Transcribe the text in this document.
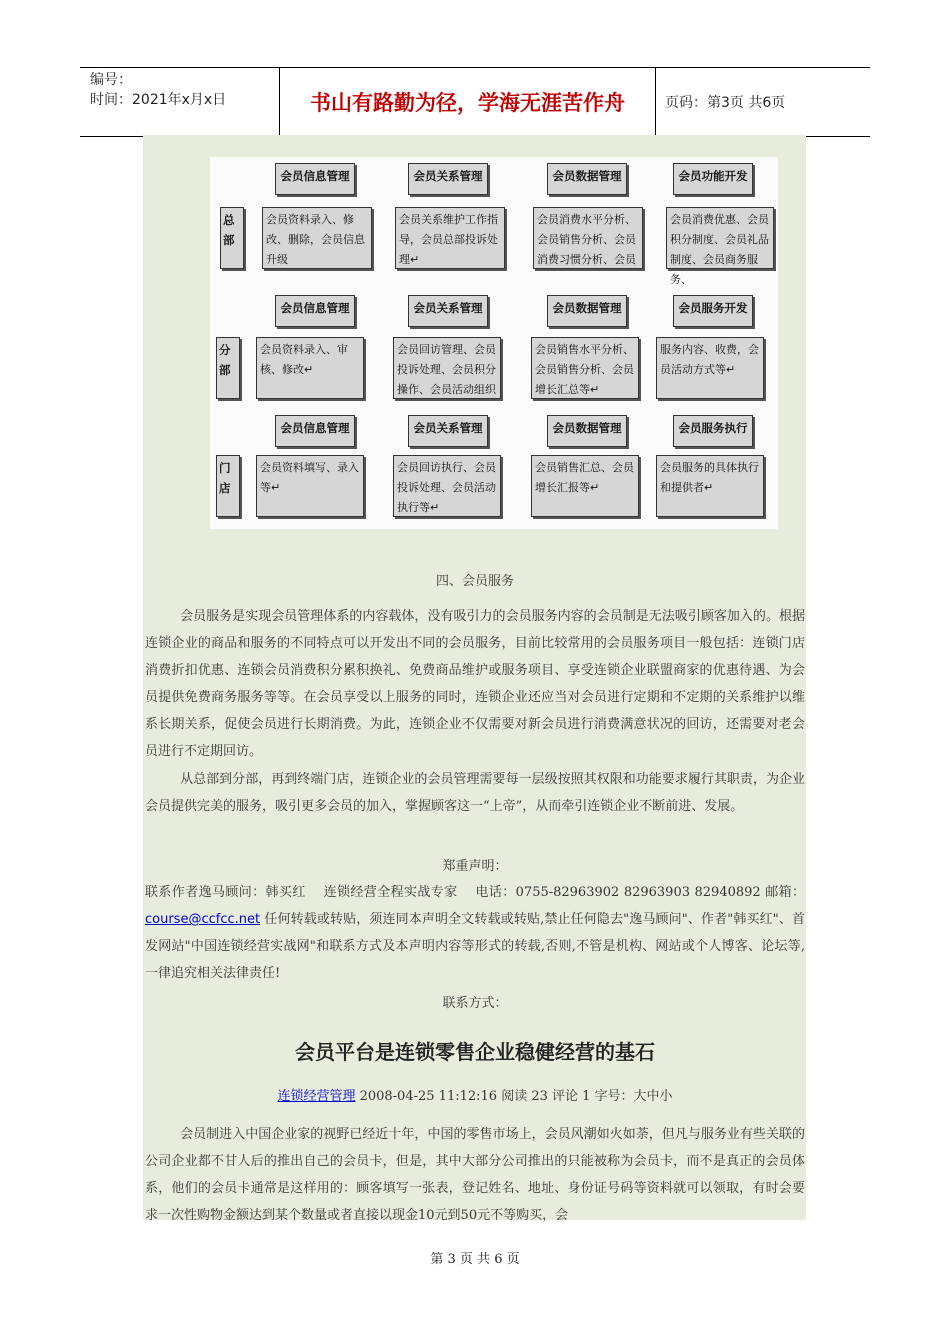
编号：
时间：2021年x月x日	书山有路勤为径，学海无涯苦作舟	页码：第3页 共6页
总部
分部
门店
会员信息管理
会员资料录入、修改、删除，会员信息升级
会员关系管理
会员关系维护工作指导，会员总部投诉处理↵
会员数据管理
会员消费水平分析、会员销售分析、会员消费习惯分析、会员
会员功能开发
会员消费优惠、会员积分制度、会员礼品制度、会员商务服务、
会员信息管理
会员资料录入、审核、修改↵
会员关系管理
会员回访管理、会员投诉处理、会员积分操作、会员活动组织
会员数据管理
会员销售水平分析、会员销售分析、会员增长汇总等↵
会员服务开发
服务内容、收费，会员活动方式等↵
会员信息管理
会员资料填写、录入等↵
会员关系管理
会员回访执行、会员投诉处理、会员活动执行等↵
会员数据管理
会员销售汇总、会员增长汇报等↵
会员服务执行
会员服务的具体执行和提供者↵
四、会员服务
会员服务是实现会员管理体系的内容载体，没有吸引力的会员服务内容的会员制是无法吸引顾客加入的。根据连锁企业的商品和服务的不同特点可以开发出不同的会员服务，目前比较常用的会员服务项目一般包括：连锁门店消费折扣优惠、连锁会员消费积分累积换礼、免费商品维护或服务项目、享受连锁企业联盟商家的优惠待遇、为会员提供免费商务服务等等。在会员享受以上服务的同时，连锁企业还应当对会员进行定期和不定期的关系维护以维系长期关系，促使会员进行长期消费。为此，连锁企业不仅需要对新会员进行消费满意状况的回访，还需要对老会员进行不定期回访。
从总部到分部，再到终端门店，连锁企业的会员管理需要每一层级按照其权限和功能要求履行其职责，为企业会员提供完美的服务，吸引更多会员的加入，掌握顾客这一“上帝”，从而牵引连锁企业不断前进、发展。
郑重声明：
联系作者逸马顾问：韩买红　 连锁经营全程实战专家　 电话：0755-82963902 82963903 82940892 邮箱：course@ccfcc.net 任何转载或转贴，须连同本声明全文转载或转贴,禁止任何隐去"逸马顾问"、作者"韩买红"、首发网站"中国连锁经营实战网"和联系方式及本声明内容等形式的转载,否则,不管是机构、网站或个人博客、论坛等,一律追究相关法律责任!
联系方式：
会员平台是连锁零售企业稳健经营的基石
连锁经营管理 2008-04-25 11:12:16 阅读 23 评论 1 字号：大中小
会员制进入中国企业家的视野已经近十年，中国的零售市场上，会员风潮如火如荼，但凡与服务业有些关联的公司企业都不甘人后的推出自己的会员卡，但是，其中大部分公司推出的只能被称为会员卡，而不是真正的会员体系，他们的会员卡通常是这样用的：顾客填写一张表，登记姓名、地址、身份证号码等资料就可以领取，有时会要求一次性购物金额达到某个数量或者直接以现金10元到50元不等购买，会
第 3 页 共 6 页
